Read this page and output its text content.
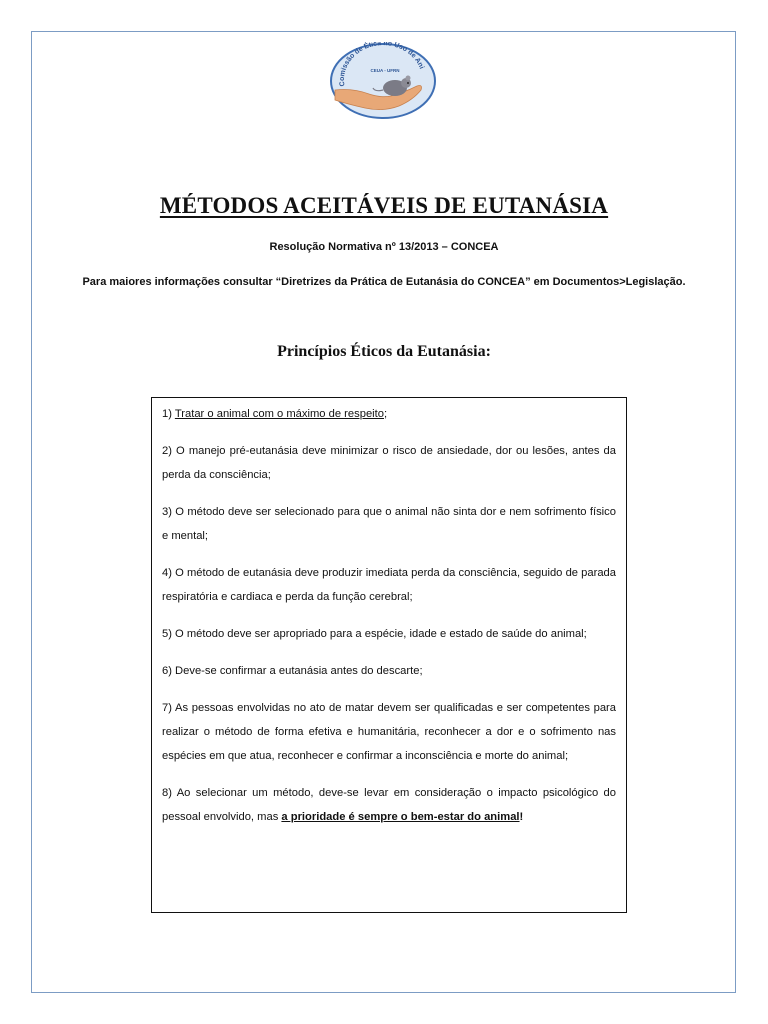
Comissão de Ética no Uso de Ani
CEUA - UFRN
MÉTODOS ACEITÁVEIS DE EUTANÁSIA
Resolução Normativa nº 13/2013 – CONCEA
Para maiores informações consultar “Diretrizes da Prática de Eutanásia do CONCEA” em Documentos>Legislação.
Princípios Éticos da Eutanásia:

1) Tratar o animal com o máximo de respeito;

2) O manejo pré-eutanásia deve minimizar o risco de ansiedade, dor ou lesões, antes da perda da consciência;

3) O método deve ser selecionado para que o animal não sinta dor e nem sofrimento físico e mental;

4) O método de eutanásia deve produzir imediata perda da consciência, seguido de parada respiratória e cardiaca e perda da função cerebral;

5) O método deve ser apropriado para a espécie, idade e estado de saúde do animal;

6) Deve-se confirmar a eutanásia antes do descarte;

7) As pessoas envolvidas no ato de matar devem ser qualificadas e ser competentes para realizar o método de forma efetiva e humanitária, reconhecer a dor e o sofrimento nas espécies em que atua, reconhecer e confirmar a inconsciência e morte do animal;

8) Ao selecionar um método, deve-se levar em consideração o impacto psicológico do pessoal envolvido, mas a prioridade é sempre o bem-estar do animal!
